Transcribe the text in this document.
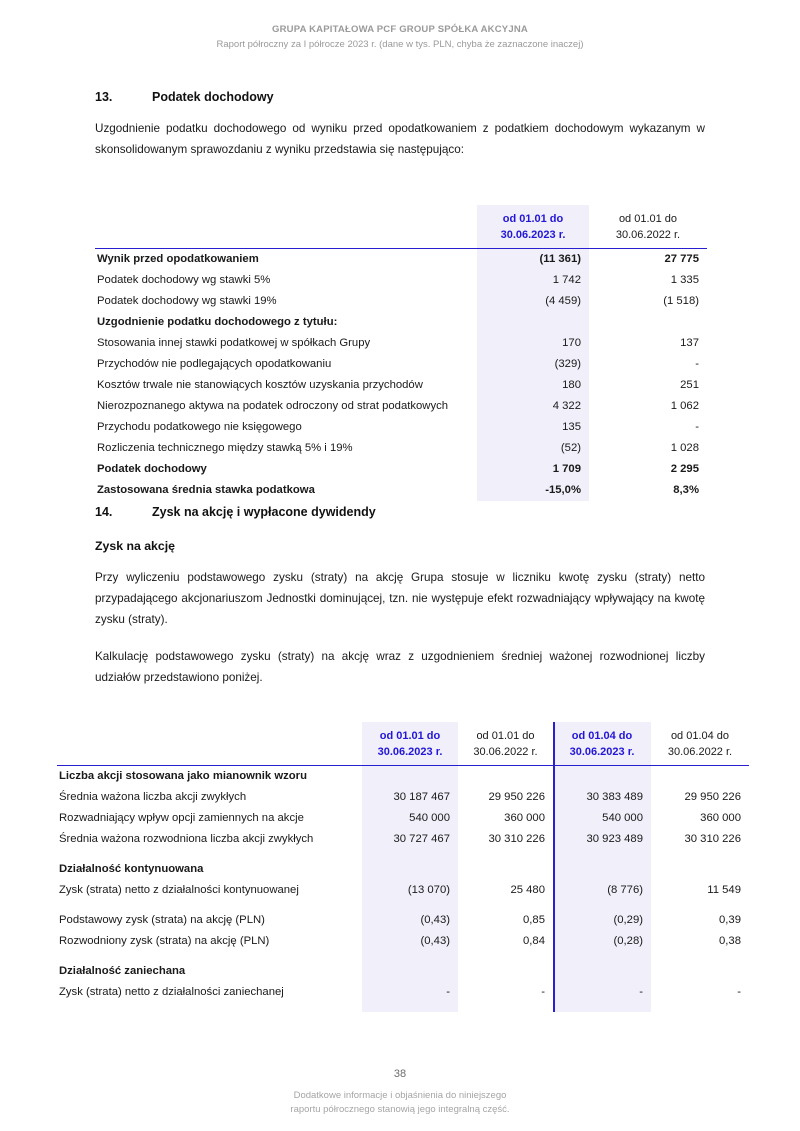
GRUPA KAPITAŁOWA PCF GROUP SPÓŁKA AKCYJNA
Raport półroczny za I półrocze 2023 r. (dane w tys. PLN, chyba że zaznaczone inaczej)
13.	Podatek dochodowy

Uzgodnienie podatku dochodowego od wyniku przed opodatkowaniem z podatkiem dochodowym wykazanym w skonsolidowanym sprawozdaniu z wyniku przedstawia się następująco:

od 01.01 do
30.06.2023 r.

od 01.01 do
30.06.2022 r.

Wynik przed opodatkowaniem	(11 361)	27 775
Podatek dochodowy wg stawki 5%	1 742	1 335
Podatek dochodowy wg stawki 19%	(4 459)	(1 518)
Uzgodnienie podatku dochodowego z tytułu:		
Stosowania innej stawki podatkowej w spółkach Grupy	170	137
Przychodów nie podlegających opodatkowaniu	(329)	-
Kosztów trwale nie stanowiących kosztów uzyskania przychodów	180	251
Nierozpoznanego aktywa na podatek odroczony od strat podatkowych	4 322	1 062
Przychodu podatkowego nie księgowego	135	-
Rozliczenia technicznego między stawką 5% i 19%	(52)	1 028
Podatek dochodowy	1 709	2 295
Zastosowana średnia stawka podatkowa	-15,0%	8,3%
14.	Zysk na akcję i wypłacone dywidendy
Zysk na akcję

Przy wyliczeniu podstawowego zysku (straty) na akcję Grupa stosuje w liczniku kwotę zysku (straty) netto przypadającego akcjonariuszom Jednostki dominującej, tzn. nie występuje efekt rozwadniający wpływający na kwotę zysku (straty).

Kalkulację podstawowego zysku (straty) na akcję wraz z uzgodnieniem średniej ważonej rozwodnionej liczby udziałów przedstawiono poniżej.

od 01.01 do
30.06.2023 r.

od 01.01 do
30.06.2022 r.

od 01.04 do
30.06.2023 r.

od 01.04 do
30.06.2022 r.

Liczba akcji stosowana jako mianownik wzoru				
Średnia ważona liczba akcji zwykłych	30 187 467	29 950 226	30 383 489	29 950 226
Rozwadniający wpływ opcji zamiennych na akcje	540 000	360 000	540 000	360 000
Średnia ważona rozwodniona liczba akcji zwykłych	30 727 467	30 310 226	30 923 489	30 310 226

Działalność kontynuowana				
Zysk (strata) netto z działalności kontynuowanej	(13 070)	25 480	(8 776)	11 549

Podstawowy zysk (strata) na akcję (PLN)	(0,43)	0,85	(0,29)	0,39
Rozwodniony zysk (strata) na akcję (PLN)	(0,43)	0,84	(0,28)	0,38

Działalność zaniechana				
Zysk (strata) netto z działalności zaniechanej	-	-	-	-

38
Dodatkowe informacje i objaśnienia do niniejszego
raportu półrocznego stanowią jego integralną część.
